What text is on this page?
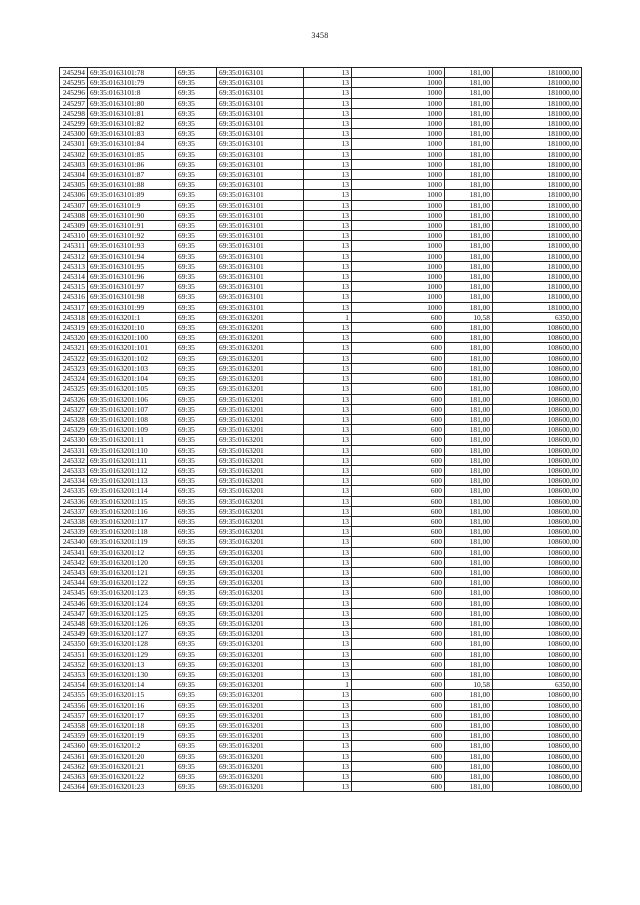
3458
245294	69:35:0163101:78	69:35	69:35:0163101	13	1000	181,00	181000,00
245295	69:35:0163101:79	69:35	69:35:0163101	13	1000	181,00	181000,00
245296	69:35:0163101:8	69:35	69:35:0163101	13	1000	181,00	181000,00
245297	69:35:0163101:80	69:35	69:35:0163101	13	1000	181,00	181000,00
245298	69:35:0163101:81	69:35	69:35:0163101	13	1000	181,00	181000,00
245299	69:35:0163101:82	69:35	69:35:0163101	13	1000	181,00	181000,00
245300	69:35:0163101:83	69:35	69:35:0163101	13	1000	181,00	181000,00
245301	69:35:0163101:84	69:35	69:35:0163101	13	1000	181,00	181000,00
245302	69:35:0163101:85	69:35	69:35:0163101	13	1000	181,00	181000,00
245303	69:35:0163101:86	69:35	69:35:0163101	13	1000	181,00	181000,00
245304	69:35:0163101:87	69:35	69:35:0163101	13	1000	181,00	181000,00
245305	69:35:0163101:88	69:35	69:35:0163101	13	1000	181,00	181000,00
245306	69:35:0163101:89	69:35	69:35:0163101	13	1000	181,00	181000,00
245307	69:35:0163101:9	69:35	69:35:0163101	13	1000	181,00	181000,00
245308	69:35:0163101:90	69:35	69:35:0163101	13	1000	181,00	181000,00
245309	69:35:0163101:91	69:35	69:35:0163101	13	1000	181,00	181000,00
245310	69:35:0163101:92	69:35	69:35:0163101	13	1000	181,00	181000,00
245311	69:35:0163101:93	69:35	69:35:0163101	13	1000	181,00	181000,00
245312	69:35:0163101:94	69:35	69:35:0163101	13	1000	181,00	181000,00
245313	69:35:0163101:95	69:35	69:35:0163101	13	1000	181,00	181000,00
245314	69:35:0163101:96	69:35	69:35:0163101	13	1000	181,00	181000,00
245315	69:35:0163101:97	69:35	69:35:0163101	13	1000	181,00	181000,00
245316	69:35:0163101:98	69:35	69:35:0163101	13	1000	181,00	181000,00
245317	69:35:0163101:99	69:35	69:35:0163101	13	1000	181,00	181000,00
245318	69:35:0163201:1	69:35	69:35:0163201	1	600	10,58	6350,00
245319	69:35:0163201:10	69:35	69:35:0163201	13	600	181,00	108600,00
245320	69:35:0163201:100	69:35	69:35:0163201	13	600	181,00	108600,00
245321	69:35:0163201:101	69:35	69:35:0163201	13	600	181,00	108600,00
245322	69:35:0163201:102	69:35	69:35:0163201	13	600	181,00	108600,00
245323	69:35:0163201:103	69:35	69:35:0163201	13	600	181,00	108600,00
245324	69:35:0163201:104	69:35	69:35:0163201	13	600	181,00	108600,00
245325	69:35:0163201:105	69:35	69:35:0163201	13	600	181,00	108600,00
245326	69:35:0163201:106	69:35	69:35:0163201	13	600	181,00	108600,00
245327	69:35:0163201:107	69:35	69:35:0163201	13	600	181,00	108600,00
245328	69:35:0163201:108	69:35	69:35:0163201	13	600	181,00	108600,00
245329	69:35:0163201:109	69:35	69:35:0163201	13	600	181,00	108600,00
245330	69:35:0163201:11	69:35	69:35:0163201	13	600	181,00	108600,00
245331	69:35:0163201:110	69:35	69:35:0163201	13	600	181,00	108600,00
245332	69:35:0163201:111	69:35	69:35:0163201	13	600	181,00	108600,00
245333	69:35:0163201:112	69:35	69:35:0163201	13	600	181,00	108600,00
245334	69:35:0163201:113	69:35	69:35:0163201	13	600	181,00	108600,00
245335	69:35:0163201:114	69:35	69:35:0163201	13	600	181,00	108600,00
245336	69:35:0163201:115	69:35	69:35:0163201	13	600	181,00	108600,00
245337	69:35:0163201:116	69:35	69:35:0163201	13	600	181,00	108600,00
245338	69:35:0163201:117	69:35	69:35:0163201	13	600	181,00	108600,00
245339	69:35:0163201:118	69:35	69:35:0163201	13	600	181,00	108600,00
245340	69:35:0163201:119	69:35	69:35:0163201	13	600	181,00	108600,00
245341	69:35:0163201:12	69:35	69:35:0163201	13	600	181,00	108600,00
245342	69:35:0163201:120	69:35	69:35:0163201	13	600	181,00	108600,00
245343	69:35:0163201:121	69:35	69:35:0163201	13	600	181,00	108600,00
245344	69:35:0163201:122	69:35	69:35:0163201	13	600	181,00	108600,00
245345	69:35:0163201:123	69:35	69:35:0163201	13	600	181,00	108600,00
245346	69:35:0163201:124	69:35	69:35:0163201	13	600	181,00	108600,00
245347	69:35:0163201:125	69:35	69:35:0163201	13	600	181,00	108600,00
245348	69:35:0163201:126	69:35	69:35:0163201	13	600	181,00	108600,00
245349	69:35:0163201:127	69:35	69:35:0163201	13	600	181,00	108600,00
245350	69:35:0163201:128	69:35	69:35:0163201	13	600	181,00	108600,00
245351	69:35:0163201:129	69:35	69:35:0163201	13	600	181,00	108600,00
245352	69:35:0163201:13	69:35	69:35:0163201	13	600	181,00	108600,00
245353	69:35:0163201:130	69:35	69:35:0163201	13	600	181,00	108600,00
245354	69:35:0163201:14	69:35	69:35:0163201	1	600	10,58	6350,00
245355	69:35:0163201:15	69:35	69:35:0163201	13	600	181,00	108600,00
245356	69:35:0163201:16	69:35	69:35:0163201	13	600	181,00	108600,00
245357	69:35:0163201:17	69:35	69:35:0163201	13	600	181,00	108600,00
245358	69:35:0163201:18	69:35	69:35:0163201	13	600	181,00	108600,00
245359	69:35:0163201:19	69:35	69:35:0163201	13	600	181,00	108600,00
245360	69:35:0163201:2	69:35	69:35:0163201	13	600	181,00	108600,00
245361	69:35:0163201:20	69:35	69:35:0163201	13	600	181,00	108600,00
245362	69:35:0163201:21	69:35	69:35:0163201	13	600	181,00	108600,00
245363	69:35:0163201:22	69:35	69:35:0163201	13	600	181,00	108600,00
245364	69:35:0163201:23	69:35	69:35:0163201	13	600	181,00	108600,00
